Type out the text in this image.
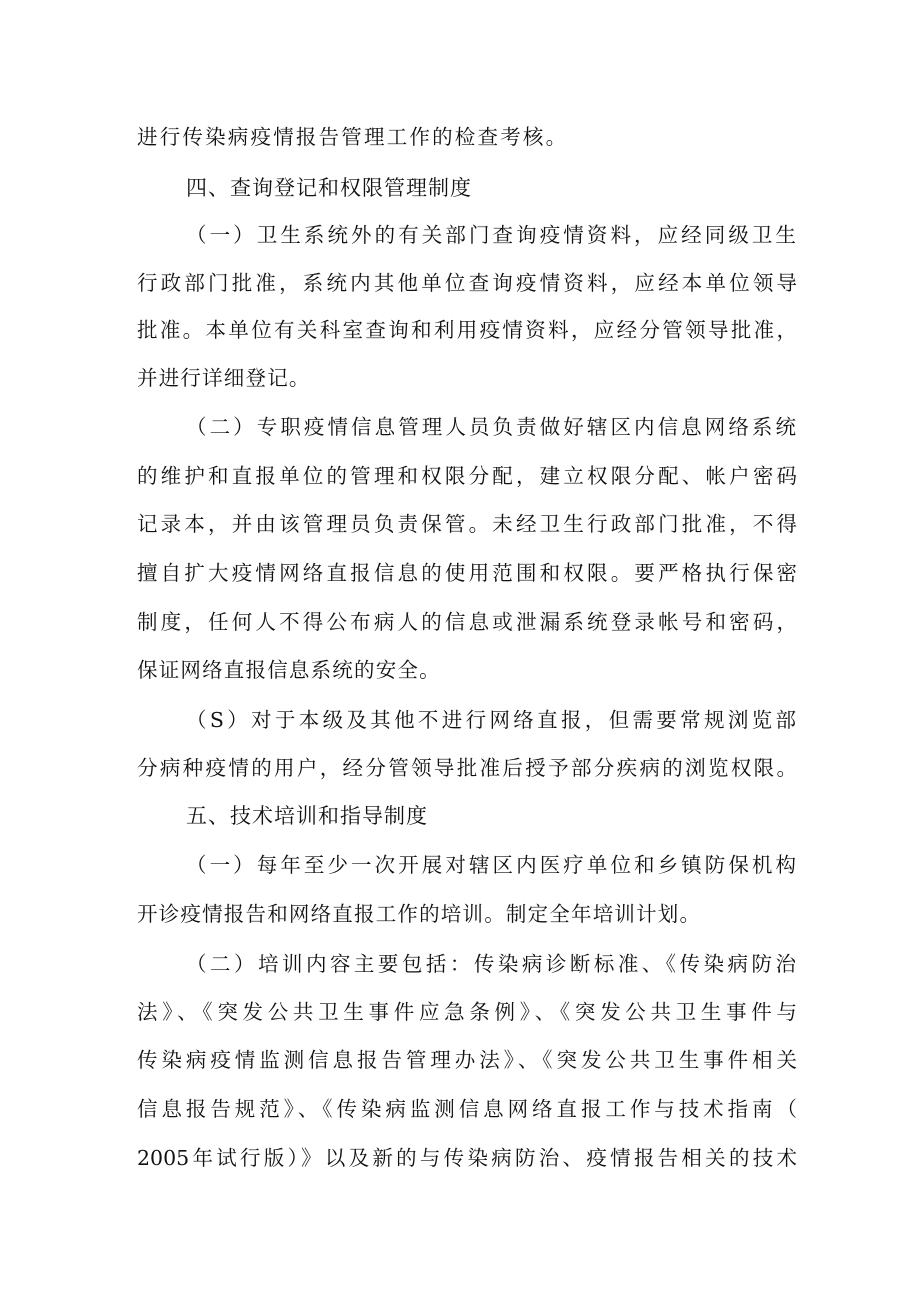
进行传染病疫情报告管理工作的检查考核。
四、查询登记和权限管理制度
（一）卫生系统外的有关部门查询疫情资料，应经同级卫生
行政部门批准，系统内其他单位查询疫情资料，应经本单位领导
批准。本单位有关科室查询和利用疫情资料，应经分管领导批准，
并进行详细登记。
（二）专职疫情信息管理人员负责做好辖区内信息网络系统
的维护和直报单位的管理和权限分配，建立权限分配、帐户密码
记录本，并由该管理员负责保管。未经卫生行政部门批准，不得
擅自扩大疫情网络直报信息的使用范围和权限。要严格执行保密
制度，任何人不得公布病人的信息或泄漏系统登录帐号和密码，
保证网络直报信息系统的安全。
（S）对于本级及其他不进行网络直报，但需要常规浏览部
分病种疫情的用户，经分管领导批准后授予部分疾病的浏览权限。
五、技术培训和指导制度
（一）每年至少一次开展对辖区内医疗单位和乡镇防保机构
开诊疫情报告和网络直报工作的培训。制定全年培训计划。
（二）培训内容主要包括：传染病诊断标准、《传染病防治
法》、《突发公共卫生事件应急条例》、《突发公共卫生事件与
传染病疫情监测信息报告管理办法》、《突发公共卫生事件相关
信息报告规范》、《传染病监测信息网络直报工作与技术指南（
2005年试行版）》以及新的与传染病防治、疫情报告相关的技术
